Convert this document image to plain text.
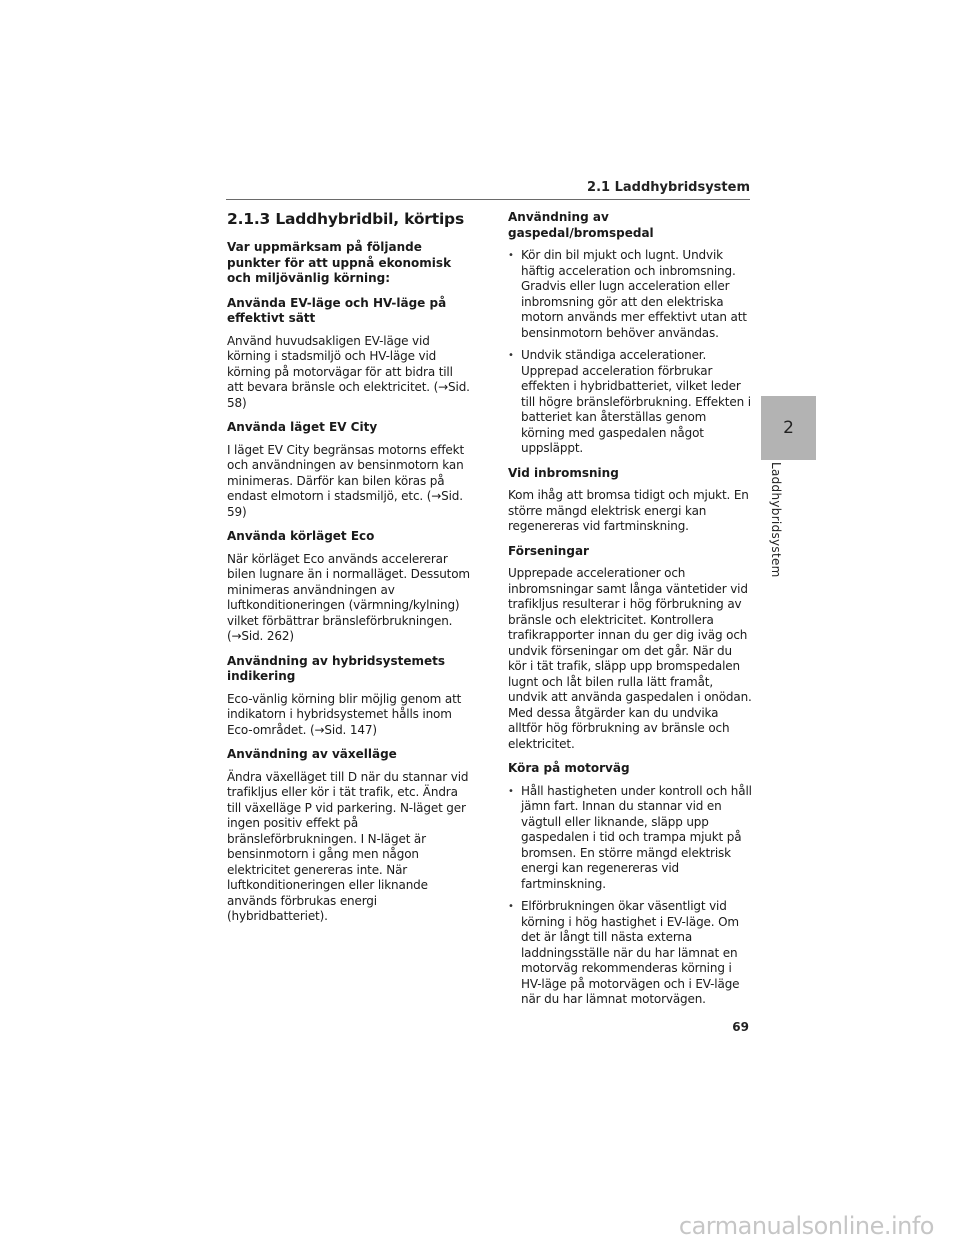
2.1 Laddhybridsystem
2.1.3 Laddhybridbil, körtips

Var uppmärksam på följande punkter för att uppnå ekonomisk och miljövänlig körning:

Använda EV-läge och HV-läge på effektivt sätt

Använd huvudsakligen EV-läge vid körning i stadsmiljö och HV-läge vid körning på motorvägar för att bidra till att bevara bränsle och elektricitet. (→Sid. 58)

Använda läget EV City

I läget EV City begränsas motorns effekt och användningen av bensinmotorn kan minimeras. Därför kan bilen köras på endast elmotorn i stadsmiljö, etc. (→Sid. 59)

Använda körläget Eco

När körläget Eco används accelererar bilen lugnare än i normalläget. Dessutom minimeras användningen av luftkonditioneringen (värmning/kylning) vilket förbättrar bränsleförbrukningen. (→Sid. 262)

Användning av hybridsystemets indikering

Eco-vänlig körning blir möjlig genom att indikatorn i hybridsystemet hålls inom Eco-området. (→Sid. 147)

Användning av växelläge

Ändra växelläget till D när du stannar vid trafikljus eller kör i tät trafik, etc. Ändra till växelläge P vid parkering. N-läget ger ingen positiv effekt på bränsleförbrukningen. I N-läget är bensinmotorn i gång men någon elektricitet genereras inte. När luftkonditioneringen eller liknande används förbrukas energi (hybridbatteriet).

Användning av gaspedal/bromspedal

• Kör din bil mjukt och lugnt. Undvik häftig acceleration och inbromsning. Gradvis eller lugn acceleration eller inbromsning gör att den elektriska motorn används mer effektivt utan att bensinmotorn behöver användas.
• Undvik ständiga accelerationer. Upprepad acceleration förbrukar effekten i hybridbatteriet, vilket leder till högre bränsleförbrukning. Effekten i batteriet kan återställas genom körning med gaspedalen något uppsläppt.

Vid inbromsning

Kom ihåg att bromsa tidigt och mjukt. En större mängd elektrisk energi kan regenereras vid fartminskning.

Förseningar

Upprepade accelerationer och inbromsningar samt långa väntetider vid trafikljus resulterar i hög förbrukning av bränsle och elektricitet. Kontrollera trafikrapporter innan du ger dig iväg och undvik förseningar om det går. När du kör i tät trafik, släpp upp bromspedalen lugnt och låt bilen rulla lätt framåt, undvik att använda gaspedalen i onödan. Med dessa åtgärder kan du undvika alltför hög förbrukning av bränsle och elektricitet.

Köra på motorväg

• Håll hastigheten under kontroll och håll jämn fart. Innan du stannar vid en vägtull eller liknande, släpp upp gaspedalen i tid och trampa mjukt på bromsen. En större mängd elektrisk energi kan regenereras vid fartminskning.
• Elförbrukningen ökar väsentligt vid körning i hög hastighet i EV-läge. Om det är långt till nästa externa laddningsställe när du har lämnat en motorväg rekommenderas körning i HV-läge på motorvägen och i EV-läge när du har lämnat motorvägen.
2
Laddhybridsystem
69
carmanualsonline.info
